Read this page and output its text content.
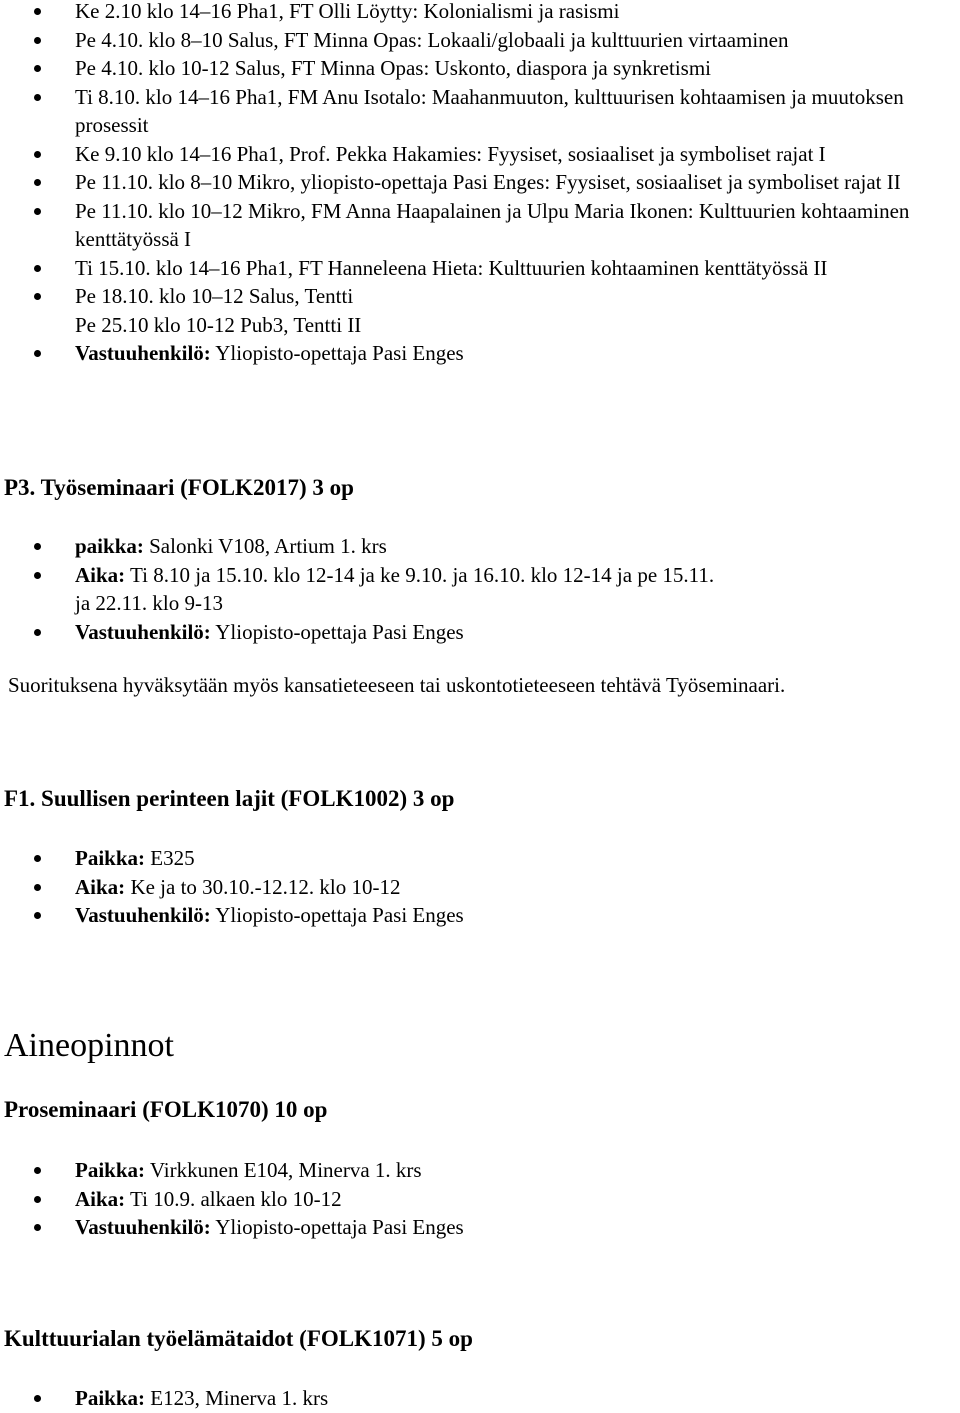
Ke 2.10 klo 14–16 Pha1, FT Olli Löytty: Kolonialismi ja rasismi
Pe 4.10. klo 8–10 Salus, FT Minna Opas: Lokaali/globaali ja kulttuurien virtaaminen
Pe 4.10. klo 10-12 Salus, FT Minna Opas: Uskonto, diaspora ja synkretismi
Ti 8.10. klo 14–16 Pha1, FM Anu Isotalo: Maahanmuuton, kulttuurisen kohtaamisen ja muutoksen prosessit
Ke 9.10 klo 14–16 Pha1, Prof. Pekka Hakamies: Fyysiset, sosiaaliset ja symboliset rajat I
Pe 11.10. klo 8–10 Mikro, yliopisto-opettaja Pasi Enges: Fyysiset, sosiaaliset ja symboliset rajat II
Pe 11.10. klo 10–12 Mikro, FM Anna Haapalainen ja Ulpu Maria Ikonen: Kulttuurien kohtaaminen kenttätyössä I
Ti 15.10. klo 14–16 Pha1, FT Hanneleena Hieta: Kulttuurien kohtaaminen kenttätyössä II
Pe 18.10. klo 10–12 Salus, Tentti
Pe 25.10 klo 10-12 Pub3, Tentti II
Vastuuhenkilö: Yliopisto-opettaja Pasi Enges
P3. Työseminaari (FOLK2017) 3 op
paikka: Salonki V108, Artium 1. krs
Aika: Ti 8.10 ja 15.10. klo 12-14 ja ke 9.10. ja 16.10. klo 12-14 ja pe 15.11. ja 22.11. klo 9-13
Vastuuhenkilö: Yliopisto-opettaja Pasi Enges
Suorituksena hyväksytään myös kansatieteeseen tai uskontotieteeseen tehtävä Työseminaari.
F1. Suullisen perinteen lajit (FOLK1002) 3 op
Paikka: E325
Aika: Ke ja to 30.10.-12.12. klo 10-12
Vastuuhenkilö: Yliopisto-opettaja Pasi Enges
Aineopinnot
Proseminaari (FOLK1070) 10 op
Paikka: Virkkunen E104, Minerva 1. krs
Aika: Ti 10.9. alkaen klo 10-12
Vastuuhenkilö: Yliopisto-opettaja Pasi Enges
Kulttuurialan työelämätaidot (FOLK1071) 5 op
Paikka: E123, Minerva 1. krs
